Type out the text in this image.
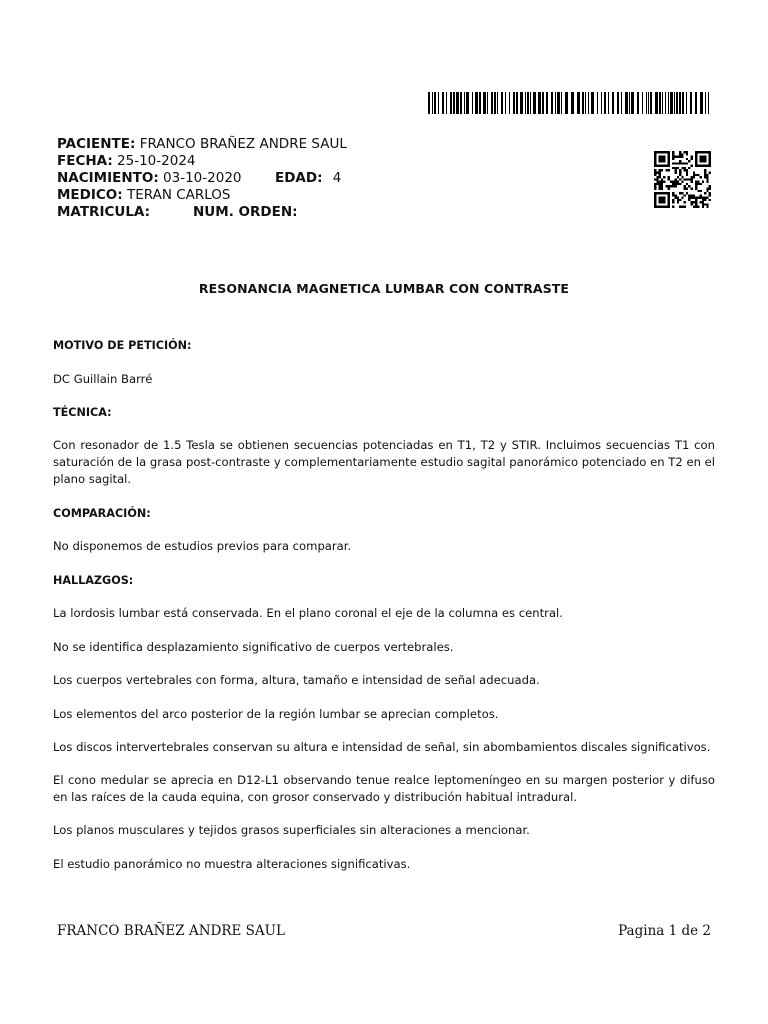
PACIENTE: FRANCO BRAÑEZ ANDRE SAUL
FECHA: 25-10-2024
NACIMIENTO: 03-10-2020 EDAD: 4
MEDICO: TERAN CARLOS
MATRICULA:	NUM. ORDEN:
RESONANCIA MAGNETICA LUMBAR CON CONTRASTE
MOTIVO DE PETICIÓN:

DC Guillain Barré

TÉCNICA:

Con resonador de 1.5 Tesla se obtienen secuencias potenciadas en T1, T2 y STIR. Incluimos secuencias T1 con saturación de la grasa post-contraste y complementariamente estudio sagital panorámico potenciado en T2 en el plano sagital.

COMPARACIÓN:

No disponemos de estudios previos para comparar.

HALLAZGOS:

La lordosis lumbar está conservada. En el plano coronal el eje de la columna es central.

No se identifica desplazamiento significativo de cuerpos vertebrales.

Los cuerpos vertebrales con forma, altura, tamaño e intensidad de señal adecuada.

Los elementos del arco posterior de la región lumbar se aprecian completos.

Los discos intervertebrales conservan su altura e intensidad de señal, sin abombamientos discales significativos.

El cono medular se aprecia en D12-L1 observando tenue realce leptomeníngeo en su margen posterior y difuso en las raíces de la cauda equina, con grosor conservado y distribución habitual intradural.

Los planos musculares y tejidos grasos superficiales sin alteraciones a mencionar.

El estudio panorámico no muestra alteraciones significativas.

FRANCO BRAÑEZ ANDRE SAUL	Pagina 1 de 2
